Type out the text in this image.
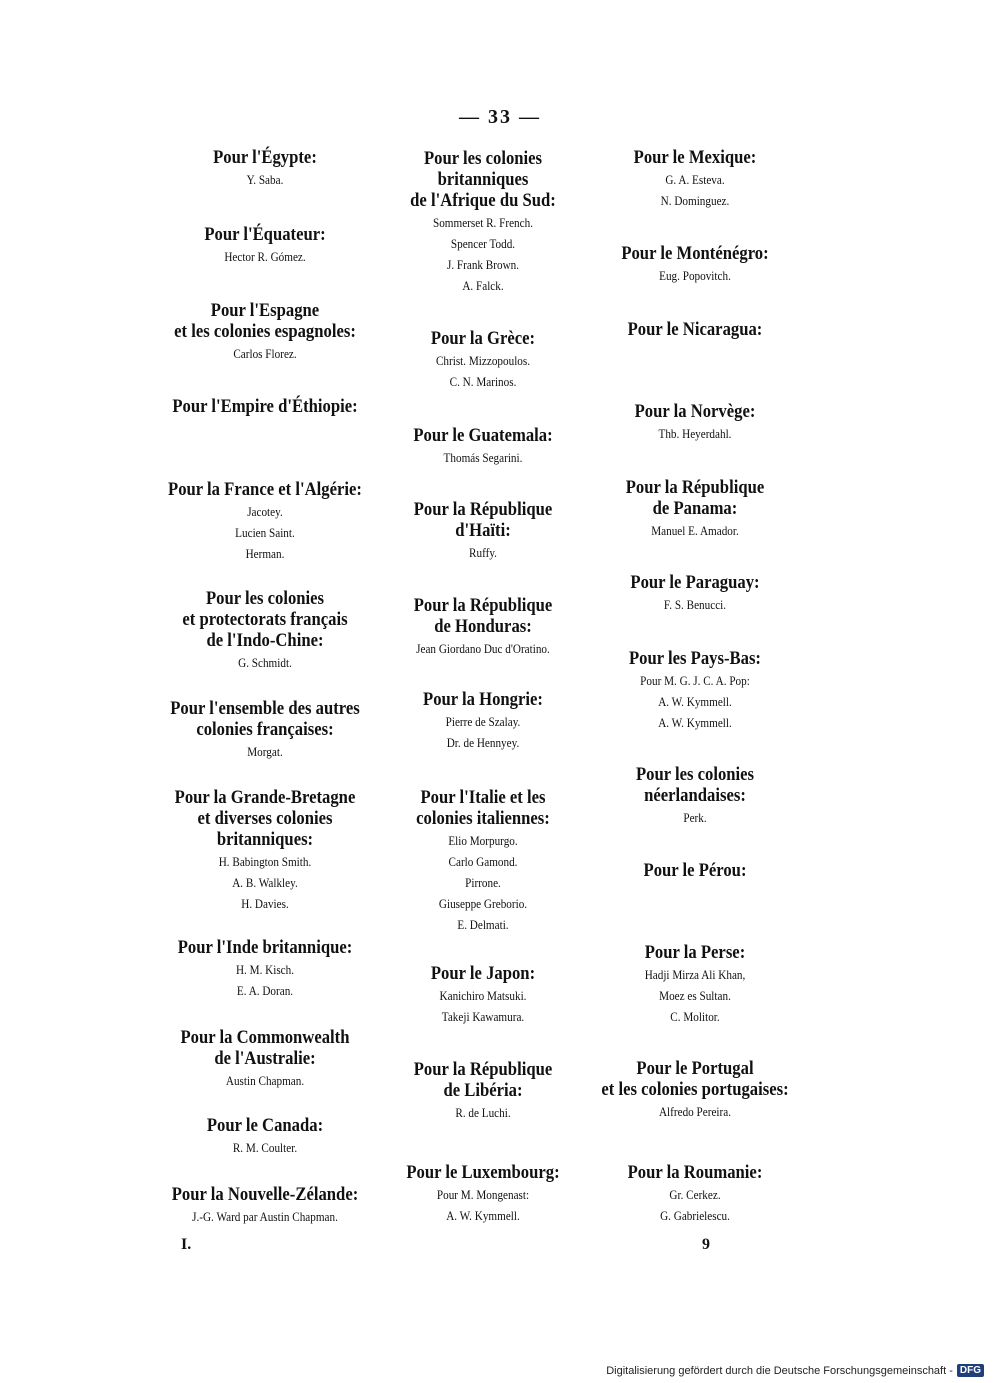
— 33 —
Pour l'Égypte:
Y. Saba.
Pour l'Équateur:
Hector R. Gómez.
Pour l'Espagne
et les colonies espagnoles:
Carlos Florez.
Pour l'Empire d'Éthiopie:
Pour la France et l'Algérie:
Jacotey.
Lucien Saint.
Herman.
Pour les colonies
et protectorats français
de l'Indo-Chine:
G. Schmidt.
Pour l'ensemble des autres
colonies françaises:
Morgat.
Pour la Grande-Bretagne
et diverses colonies
britanniques:
H. Babington Smith.
A. B. Walkley.
H. Davies.
Pour l'Inde britannique:
H. M. Kisch.
E. A. Doran.
Pour la Commonwealth
de l'Australie:
Austin Chapman.
Pour le Canada:
R. M. Coulter.
Pour la Nouvelle-Zélande:
J.-G. Ward par Austin Chapman.
Pour les colonies
britanniques
de l'Afrique du Sud:
Sommerset R. French.
Spencer Todd.
J. Frank Brown.
A. Falck.
Pour la Grèce:
Christ. Mizzopoulos.
C. N. Marinos.
Pour le Guatemala:
Thomás Segarini.
Pour la République
d'Haïti:
Ruffy.
Pour la République
de Honduras:
Jean Giordano Duc d'Oratino.
Pour la Hongrie:
Pierre de Szalay.
Dr. de Hennyey.
Pour l'Italie et les
colonies italiennes:
Elio Morpurgo.
Carlo Gamond.
Pirrone.
Giuseppe Greborio.
E. Delmati.
Pour le Japon:
Kanichiro Matsuki.
Takeji Kawamura.
Pour la République
de Libéria:
R. de Luchi.
Pour le Luxembourg:
Pour M. Mongenast:
A. W. Kymmell.
Pour le Mexique:
G. A. Esteva.
N. Dominguez.
Pour le Monténégro:
Eug. Popovitch.
Pour le Nicaragua:
Pour la Norvège:
Thb. Heyerdahl.
Pour la République
de Panama:
Manuel E. Amador.
Pour le Paraguay:
F. S. Benucci.
Pour les Pays-Bas:
Pour M. G. J. C. A. Pop:
A. W. Kymmell.
A. W. Kymmell.
Pour les colonies
néerlandaises:
Perk.
Pour le Pérou:
Pour la Perse:
Hadji Mirza Ali Khan,
Moez es Sultan.
C. Molitor.
Pour le Portugal
et les colonies portugaises:
Alfredo Pereira.
Pour la Roumanie:
Gr. Cerkez.
G. Gabrielescu.
I.	9
Digitalisierung gefördert durch die Deutsche Forschungsgemeinschaft - DFG
